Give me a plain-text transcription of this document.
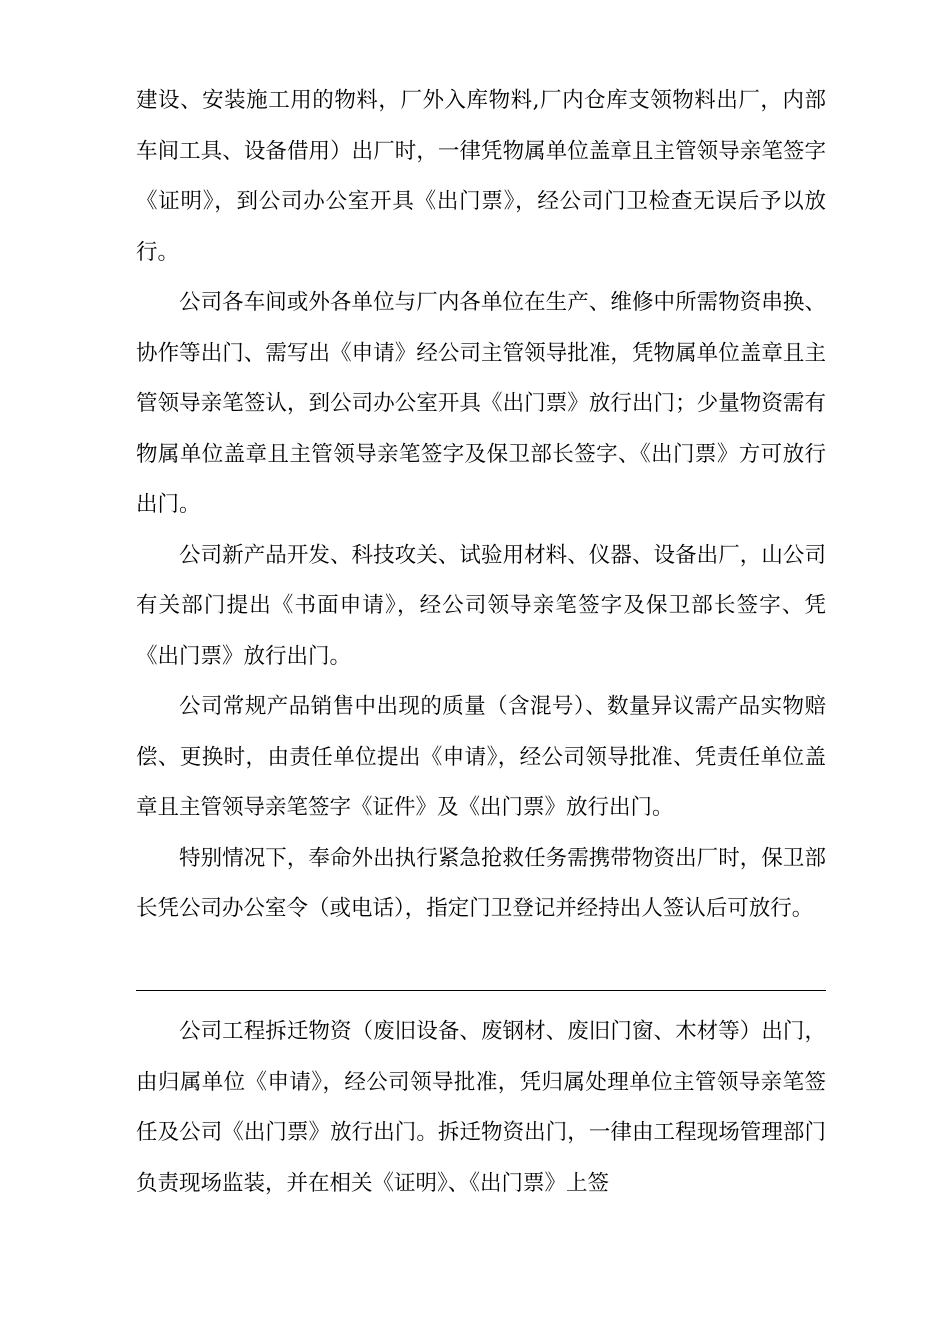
建设、安装施工用的物料，厂外入库物料,厂内仓库支领物料出厂，内部车间工具、设备借用）出厂时，一律凭物属单位盖章且主管领导亲笔签字《证明》，到公司办公室开具《出门票》，经公司门卫检查无误后予以放行。

公司各车间或外各单位与厂内各单位在生产、维修中所需物资串换、协作等出门、需写出《申请》经公司主管领导批准，凭物属单位盖章且主管领导亲笔签认，到公司办公室开具《出门票》放行出门；少量物资需有物属单位盖章且主管领导亲笔签字及保卫部长签字、《出门票》方可放行出门。

公司新产品开发、科技攻关、试验用材料、仪器、设备出厂，山公司有关部门提出《书面申请》，经公司领导亲笔签字及保卫部长签字、凭《出门票》放行出门。

公司常规产品销售中出现的质量（含混号）、数量异议需产品实物赔偿、更换时，由责任单位提出《申请》，经公司领导批准、凭责任单位盖章且主管领导亲笔签字《证件》及《出门票》放行出门。

特别情况下，奉命外出执行紧急抢救任务需携带物资出厂时，保卫部长凭公司办公室令（或电话），指定门卫登记并经持出人签认后可放行。

公司工程拆迁物资（废旧设备、废钢材、废旧门窗、木材等）出门，由归属单位《申请》，经公司领导批准，凭归属处理单位主管领导亲笔签任及公司《出门票》放行出门。拆迁物资出门，一律由工程现场管理部门负责现场监装，并在相关《证明》、《出门票》上签
